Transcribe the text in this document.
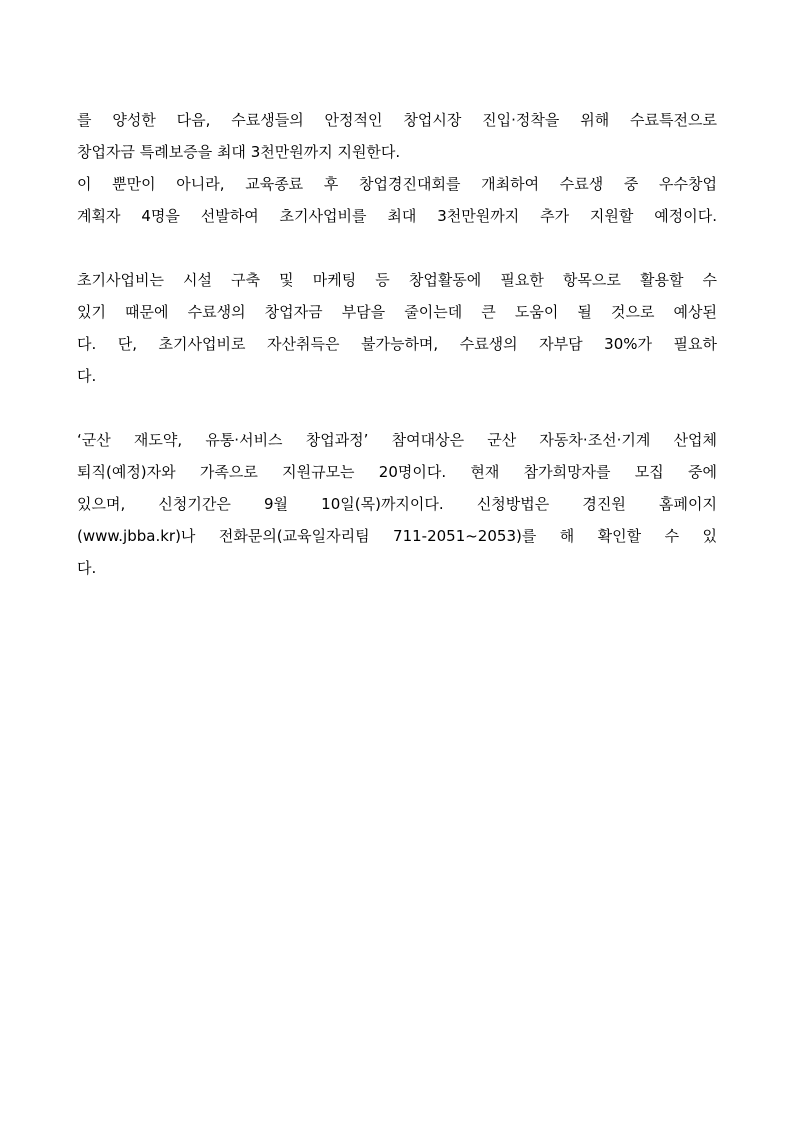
를 양성한 다음, 수료생들의 안정적인 창업시장 진입·정착을 위해 수료특전으로
창업자금 특례보증을 최대 3천만원까지 지원한다.
이 뿐만이 아니라, 교육종료 후 창업경진대회를 개최하여 수료생 중 우수창업
계획자 4명을 선발하여 초기사업비를 최대 3천만원까지 추가 지원할 예정이다.
초기사업비는 시설 구축 및 마케팅 등 창업활동에 필요한 항목으로 활용할 수
있기 때문에 수료생의 창업자금 부담을 줄이는데 큰 도움이 될 것으로 예상된
다. 단, 초기사업비로 자산취득은 불가능하며, 수료생의 자부담 30%가 필요하
다.
‘군산 재도약, 유통·서비스 창업과정’ 참여대상은 군산 자동차·조선·기계 산업체
퇴직(예정)자와 가족으로 지원규모는 20명이다. 현재 참가희망자를 모집 중에
있으며, 신청기간은 9월 10일(목)까지이다. 신청방법은 경진원 홈페이지
(www.jbba.kr)나 전화문의(교육일자리팀 711-2051~2053)를 해 확인할 수 있
다.
